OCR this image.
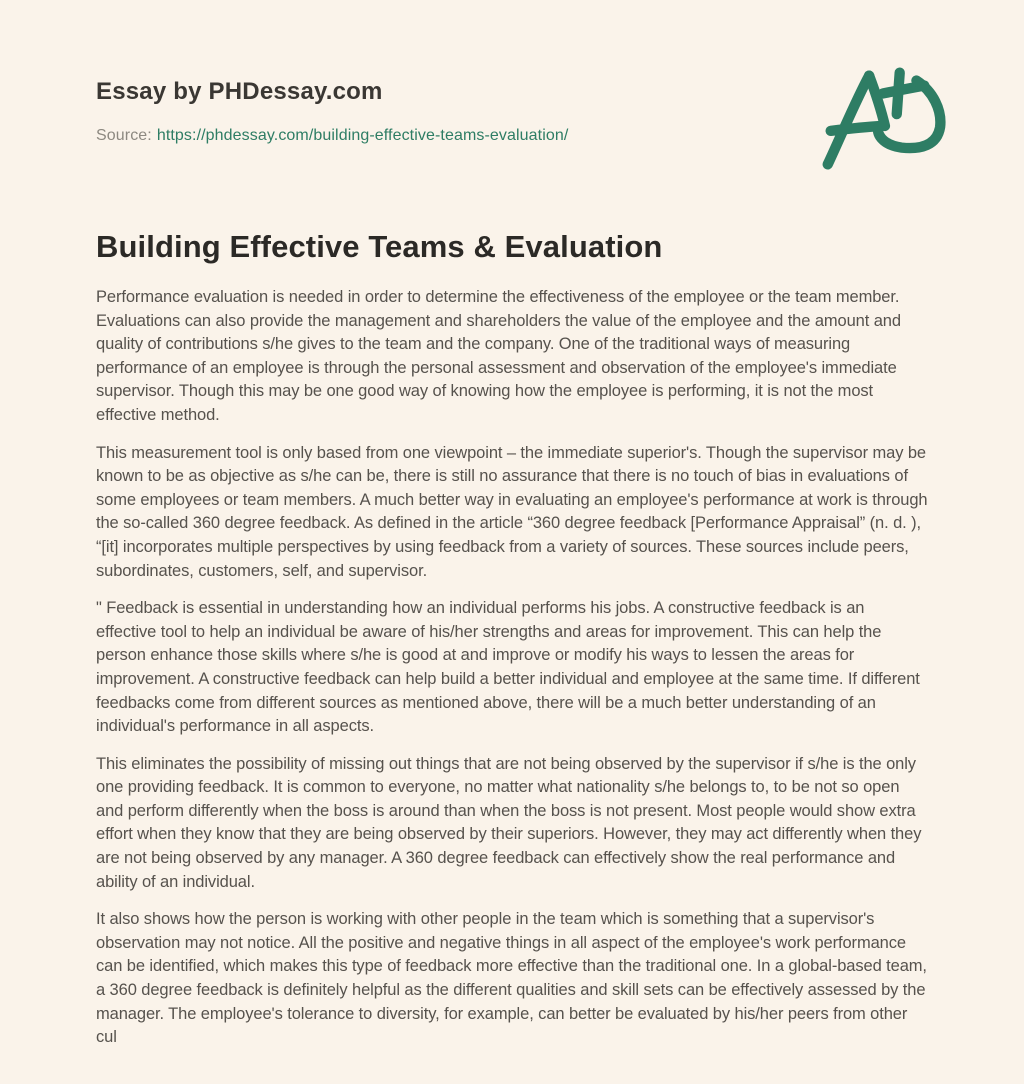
Essay by PHDessay.com
Source: https://phdessay.com/building-effective-teams-evaluation/
Building Effective Teams & Evaluation

Performance evaluation is needed in order to determine the effectiveness of the employee or the team member. Evaluations can also provide the management and shareholders the value of the employee and the amount and quality of contributions s/he gives to the team and the company. One of the traditional ways of measuring performance of an employee is through the personal assessment and observation of the employee's immediate supervisor. Though this may be one good way of knowing how the employee is performing, it is not the most effective method.

This measurement tool is only based from one viewpoint – the immediate superior's. Though the supervisor may be known to be as objective as s/he can be, there is still no assurance that there is no touch of bias in evaluations of some employees or team members. A much better way in evaluating an employee's performance at work is through the so-called 360 degree feedback. As defined in the article “360 degree feedback [Performance Appraisal” (n. d. ), “[it] incorporates multiple perspectives by using feedback from a variety of sources. These sources include peers, subordinates, customers, self, and supervisor.

" Feedback is essential in understanding how an individual performs his jobs. A constructive feedback is an effective tool to help an individual be aware of his/her strengths and areas for improvement. This can help the person enhance those skills where s/he is good at and improve or modify his ways to lessen the areas for improvement. A constructive feedback can help build a better individual and employee at the same time. If different feedbacks come from different sources as mentioned above, there will be a much better understanding of an individual's performance in all aspects.

This eliminates the possibility of missing out things that are not being observed by the supervisor if s/he is the only one providing feedback. It is common to everyone, no matter what nationality s/he belongs to, to be not so open and perform differently when the boss is around than when the boss is not present. Most people would show extra effort when they know that they are being observed by their superiors. However, they may act differently when they are not being observed by any manager. A 360 degree feedback can effectively show the real performance and ability of an individual.

It also shows how the person is working with other people in the team which is something that a supervisor's observation may not notice. All the positive and negative things in all aspect of the employee's work performance can be identified, which makes this type of feedback more effective than the traditional one. In a global-based team, a 360 degree feedback is definitely helpful as the different qualities and skill sets can be effectively assessed by the manager. The employee's tolerance to diversity, for example, can better be evaluated by his/her peers from other cul
